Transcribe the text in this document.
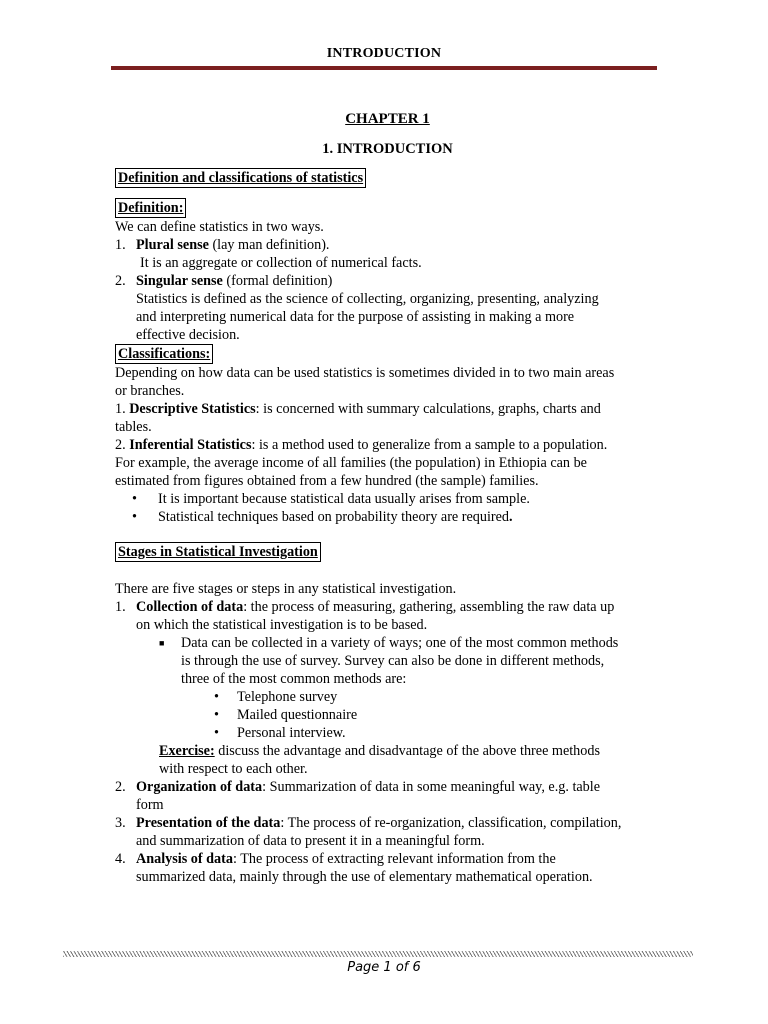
INTRODUCTION
CHAPTER 1
1. INTRODUCTION
Definition and classifications of statistics
Definition:
We can define statistics in two ways.
1. Plural sense (lay man definition).
It is an aggregate or collection of numerical facts.
2. Singular sense (formal definition)
Statistics is defined as the science of collecting, organizing, presenting, analyzing
and interpreting numerical data for the purpose of assisting in making a more
effective decision.
Classifications:
Depending on how data can be used statistics is sometimes divided in to two main areas
or branches.
1. Descriptive Statistics: is concerned with summary calculations, graphs, charts and
tables.
2. Inferential Statistics: is a method used to generalize from a sample to a population.
For example, the average income of all families (the population) in Ethiopia can be
estimated from figures obtained from a few hundred (the sample) families.
• It is important because statistical data usually arises from sample.
• Statistical techniques based on probability theory are required.
Stages in Statistical Investigation
There are five stages or steps in any statistical investigation.
1. Collection of data: the process of measuring, gathering, assembling the raw data up
on which the statistical investigation is to be based.
■ Data can be collected in a variety of ways; one of the most common methods
is through the use of survey. Survey can also be done in different methods,
three of the most common methods are:
• Telephone survey
• Mailed questionnaire
• Personal interview.
Exercise: discuss the advantage and disadvantage of the above three methods
with respect to each other.
2. Organization of data: Summarization of data in some meaningful way, e.g. table
form
3. Presentation of the data: The process of re-organization, classification, compilation,
and summarization of data to present it in a meaningful form.
4. Analysis of data: The process of extracting relevant information from the
summarized data, mainly through the use of elementary mathematical operation.
Page 1 of 6
